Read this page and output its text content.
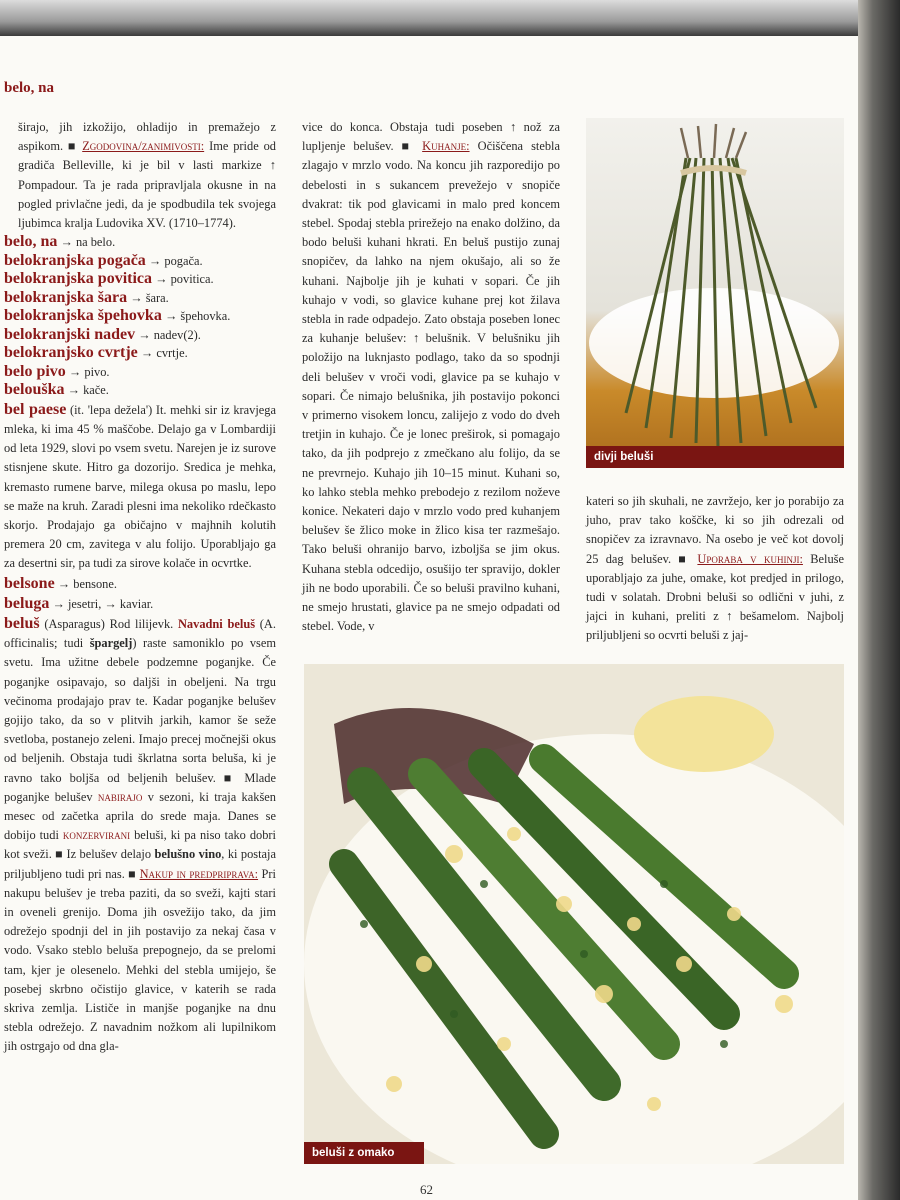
belo, na

širajo, jih izkožijo, ohladijo in premažejo z aspikom. ■ Zgodovina/zanimivosti: Ime pride od gradiča Belleville, ki je bil v lasti markize ↑ Pompadour. Ta je rada pripravljala okusne in na pogled privlačne jedi, da je spodbudila tek svojega ljubimca kralja Ludovika XV. (1710–1774).

belo, na → na belo.

belokranjska pogača → pogača.

belokranjska povitica → povitica.

belokranjska šara → šara.

belokranjska špehovka → špehovka.

belokranjski nadev → nadev(2).

belokranjsko cvrtje → cvrtje.

belo pivo → pivo.

belouška → kače.

bel paese (it. 'lepa dežela') It. mehki sir iz kravjega mleka, ki ima 45 % maščobe. Delajo ga v Lombardiji od leta 1929, slovi po vsem svetu. Narejen je iz surove stisnjene skute. Hitro ga dozorijo. Sredica je mehka, kremasto rumene barve, milega okusa po maslu, lepo se maže na kruh. Zaradi plesni ima nekoliko rdečkasto skorjo. Prodajajo ga običajno v majhnih kolutih premera 20 cm, zavitega v alu folijo. Uporabljajo ga za desertni sir, pa tudi za sirove kolače in ocvrtke.

belsone → bensone.

beluga → jesetri, → kaviar.

beluš (Asparagus) Rod lilijevk. Navadni beluš (A. officinalis; tudi špargelj) raste samoniklo po vsem svetu. Ima užitne debele podzemne poganjke. Če poganjke osipavajo, so daljši in obeljeni. Na trgu večinoma prodajajo prav te. Kadar poganjke belušev gojijo tako, da so v plitvih jarkih, kamor še seže svetloba, postanejo zeleni. Imajo precej močnejši okus od beljenih. Obstaja tudi škrlatna sorta beluša, ki je ravno tako boljša od beljenih belušev. ■ Mlade poganjke belušev nabirajo v sezoni, ki traja kakšen mesec od začetka aprila do srede maja. Danes se dobijo tudi konzervirani beluši, ki pa niso tako dobri kot sveži. ■ Iz belušev delajo belušno vino, ki postaja priljubljeno tudi pri nas. ■ Nakup in predpriprava: Pri nakupu belušev je treba paziti, da so sveži, kajti stari in oveneli grenijo. Doma jih osvežijo tako, da jim odrežejo spodnji del in jih postavijo za nekaj časa v vodo. Vsako steblo beluša prepognejo, da se prelomi tam, kjer je olesenelo. Mehki del stebla umijejo, še posebej skrbno očistijo glavice, v katerih se rada skriva zemlja. Lističe in manjše poganjke na dnu stebla odrežejo. Z navadnim nožkom ali lupilnikom jih ostrgajo od dna gla-

vice do konca. Obstaja tudi poseben ↑ nož za lupljenje belušev. ■ Kuhanje: Očiščena stebla zlagajo v mrzlo vodo. Na koncu jih razporedijo po debelosti in s sukancem prevežejo v snopiče dvakrat: tik pod glavicami in malo pred koncem stebel. Spodaj stebla prirežejo na enako dolžino, da bodo beluši kuhani hkrati. En beluš pustijo zunaj snopičev, da lahko na njem okušajo, ali so že kuhani. Najbolje jih je kuhati v sopari. Če jih kuhajo v vodi, so glavice kuhane prej kot žilava stebla in rade odpadejo. Zato obstaja poseben lonec za kuhanje belušev: ↑ belušnik. V belušniku jih položijo na luknjasto podlago, tako da so spodnji deli belušev v vroči vodi, glavice pa se kuhajo v sopari. Če nimajo belušnika, jih postavijo pokonci v primerno visokem loncu, zalijejo z vodo do dveh tretjin in kuhajo. Če je lonec preširok, si pomagajo tako, da jih podprejo z zmečkano alu folijo, da se ne prevrnejo. Kuhajo jih 10–15 minut. Kuhani so, ko lahko stebla mehko prebodejo z rezilom noževe konice. Nekateri dajo v mrzlo vodo pred kuhanjem belušev še žlico moke in žlico kisa ter razmešajo. Tako beluši ohranijo barvo, izboljša se jim okus. Kuhana stebla odcedijo, osušijo ter spravijo, dokler jih ne bodo uporabili. Če so beluši pravilno kuhani, ne smejo hrustati, glavice pa ne smejo odpadati od stebel. Vode, v

divji beluši

kateri so jih skuhali, ne zavržejo, ker jo porabijo za juho, prav tako koščke, ki so jih odrezali od snopičev za izravnavo. Na osebo je več kot dovolj 25 dag belušev. ■ Uporaba v kuhinji: Beluše uporabljajo za juhe, omake, kot predjed in prilogo, tudi v solatah. Drobni beluši so odlični v juhi, z jajci in kuhani, preliti z ↑ bešamelom. Najbolj priljubljeni so ocvrti beluši z jaj-

beluši z omako
62
